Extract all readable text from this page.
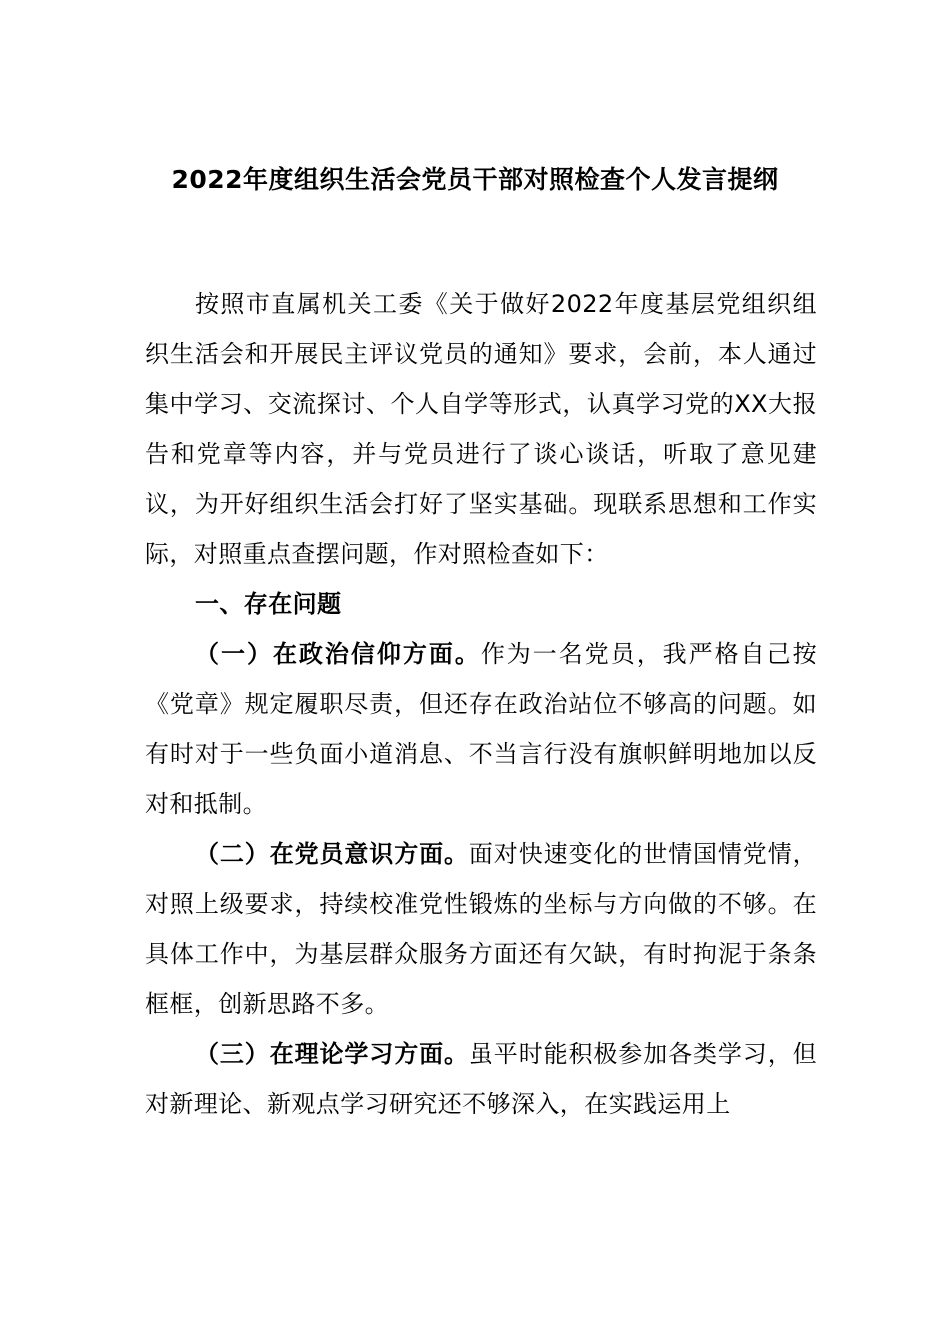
2022年度组织生活会党员干部对照检查个人发言提纲

按照市直属机关工委《关于做好2022年度基层党组织组织生活会和开展民主评议党员的通知》要求，会前，本人通过集中学习、交流探讨、个人自学等形式，认真学习党的XX大报告和党章等内容，并与党员进行了谈心谈话，听取了意见建议，为开好组织生活会打好了坚实基础。现联系思想和工作实际，对照重点查摆问题，作对照检查如下：

一、存在问题

（一）在政治信仰方面。作为一名党员，我严格自己按《党章》规定履职尽责，但还存在政治站位不够高的问题。如有时对于一些负面小道消息、不当言行没有旗帜鲜明地加以反对和抵制。

（二）在党员意识方面。面对快速变化的世情国情党情，对照上级要求，持续校准党性锻炼的坐标与方向做的不够。在具体工作中，为基层群众服务方面还有欠缺，有时拘泥于条条框框，创新思路不多。

（三）在理论学习方面。虽平时能积极参加各类学习，但对新理论、新观点学习研究还不够深入，在实践运用上
